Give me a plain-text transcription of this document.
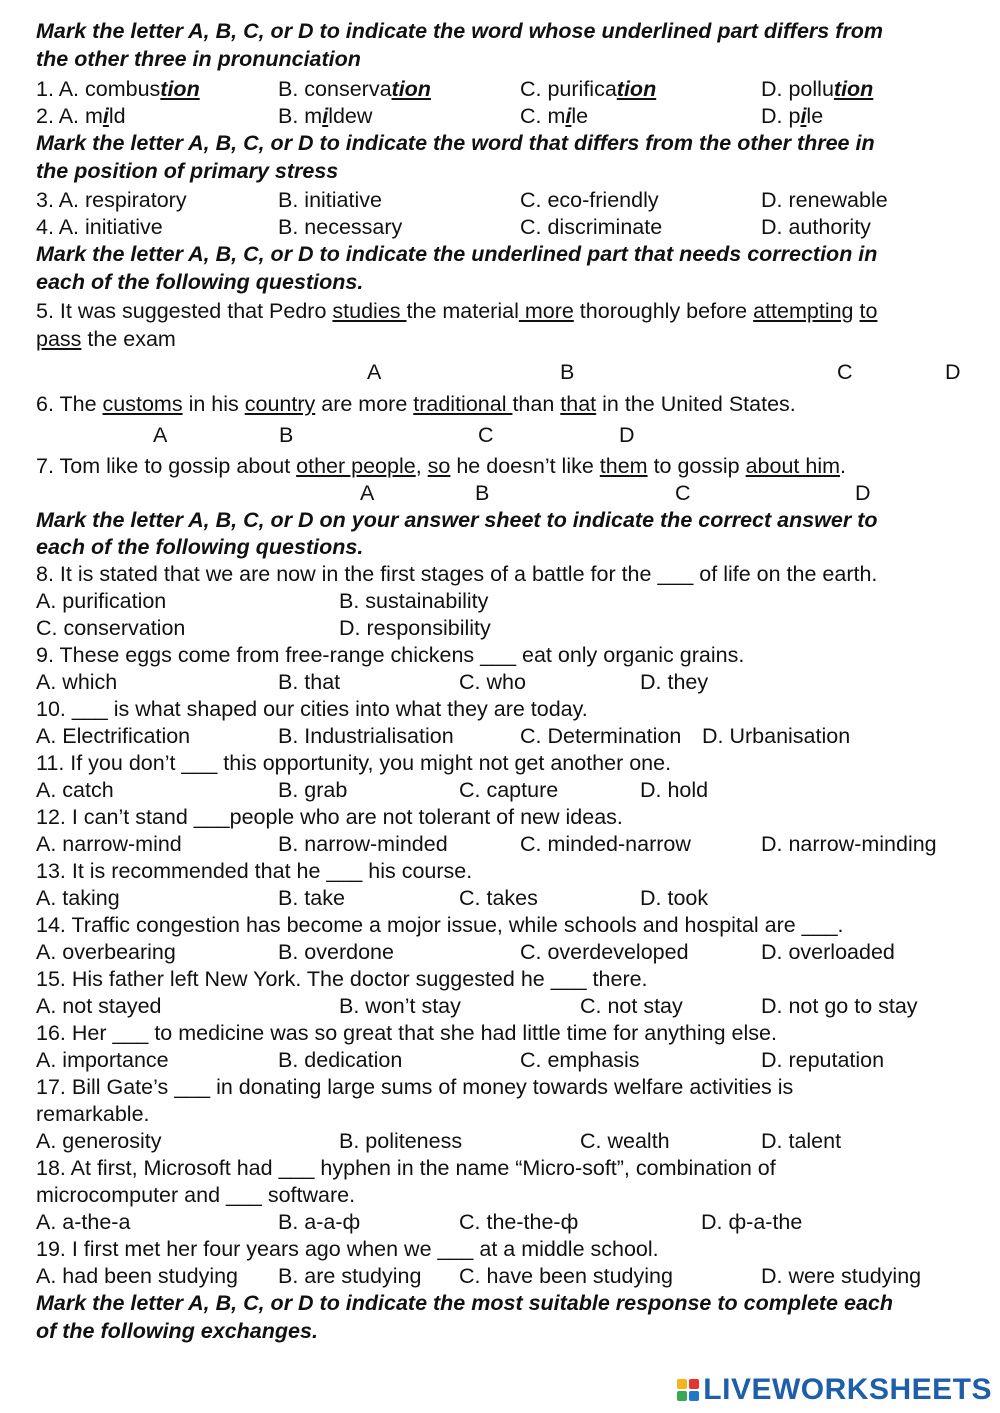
Mark the letter A, B, C, or D to indicate the word whose underlined part differs from
the other three in pronunciation
1. A. combustion	B. conservation	C. purification	D. pollution
2. A. mild	B. mildew	C. mile	D. pile
Mark the letter A, B, C, or D to indicate the word that differs from the other three in
the position of primary stress
3. A. respiratory	B. initiative	C. eco-friendly	D. renewable
4. A. initiative	B. necessary	C. discriminate	D. authority
Mark the letter A, B, C, or D to indicate the underlined part that needs correction in
each of the following questions.
5. It was suggested that Pedro studies the material more thoroughly before attempting to
pass the exam
A	B	C	D
6. The customs in his country are more traditional than that in the United States.
A	B	C	D
7. Tom like to gossip about other people, so he doesn’t like them to gossip about him.
A	B	C	D
Mark the letter A, B, C, or D on your answer sheet to indicate the correct answer to
each of the following questions.
8. It is stated that we are now in the first stages of a battle for the ___ of life on the earth.
A. purification	B. sustainability
C. conservation	D. responsibility
9. These eggs come from free-range chickens ___ eat only organic grains.
A. which	B. that	C. who	D. they
10. ___ is what shaped our cities into what they are today.
A. Electrification	B. Industrialisation	C. Determination D. Urbanisation
11. If you don’t ___ this opportunity, you might not get another one.
A. catch	B. grab	C. capture	D. hold
12. I can’t stand ___people who are not tolerant of new ideas.
A. narrow-mind	B. narrow-minded	C. minded-narrow	D. narrow-minding
13. It is recommended that he ___ his course.
A. taking	B. take	C. takes	D. took
14. Traffic congestion has become a mojor issue, while schools and hospital are ___.
A. overbearing	B. overdone	C. overdeveloped	D. overloaded
15. His father left New York. The doctor suggested he ___ there.
A. not stayed	B. won’t stay	C. not stay	D. not go to stay
16. Her ___ to medicine was so great that she had little time for anything else.
A. importance	B. dedication	C. emphasis	D. reputation
17. Bill Gate’s ___ in donating large sums of money towards welfare activities is
remarkable.
A. generosity	B. politeness	C. wealth	D. talent
18. At first, Microsoft had ___ hyphen in the name “Micro-soft”, combination of
microcomputer and ___ software.
A. a-the-a	B. a-a-ф	C. the-the-ф	D. ф-a-the
19. I first met her four years ago when we ___ at a middle school.
A. had been studying B. are studying C. have been studying	D. were studying
Mark the letter A, B, C, or D to indicate the most suitable response to complete each
of the following exchanges.
LIVEWORKSHEETS
